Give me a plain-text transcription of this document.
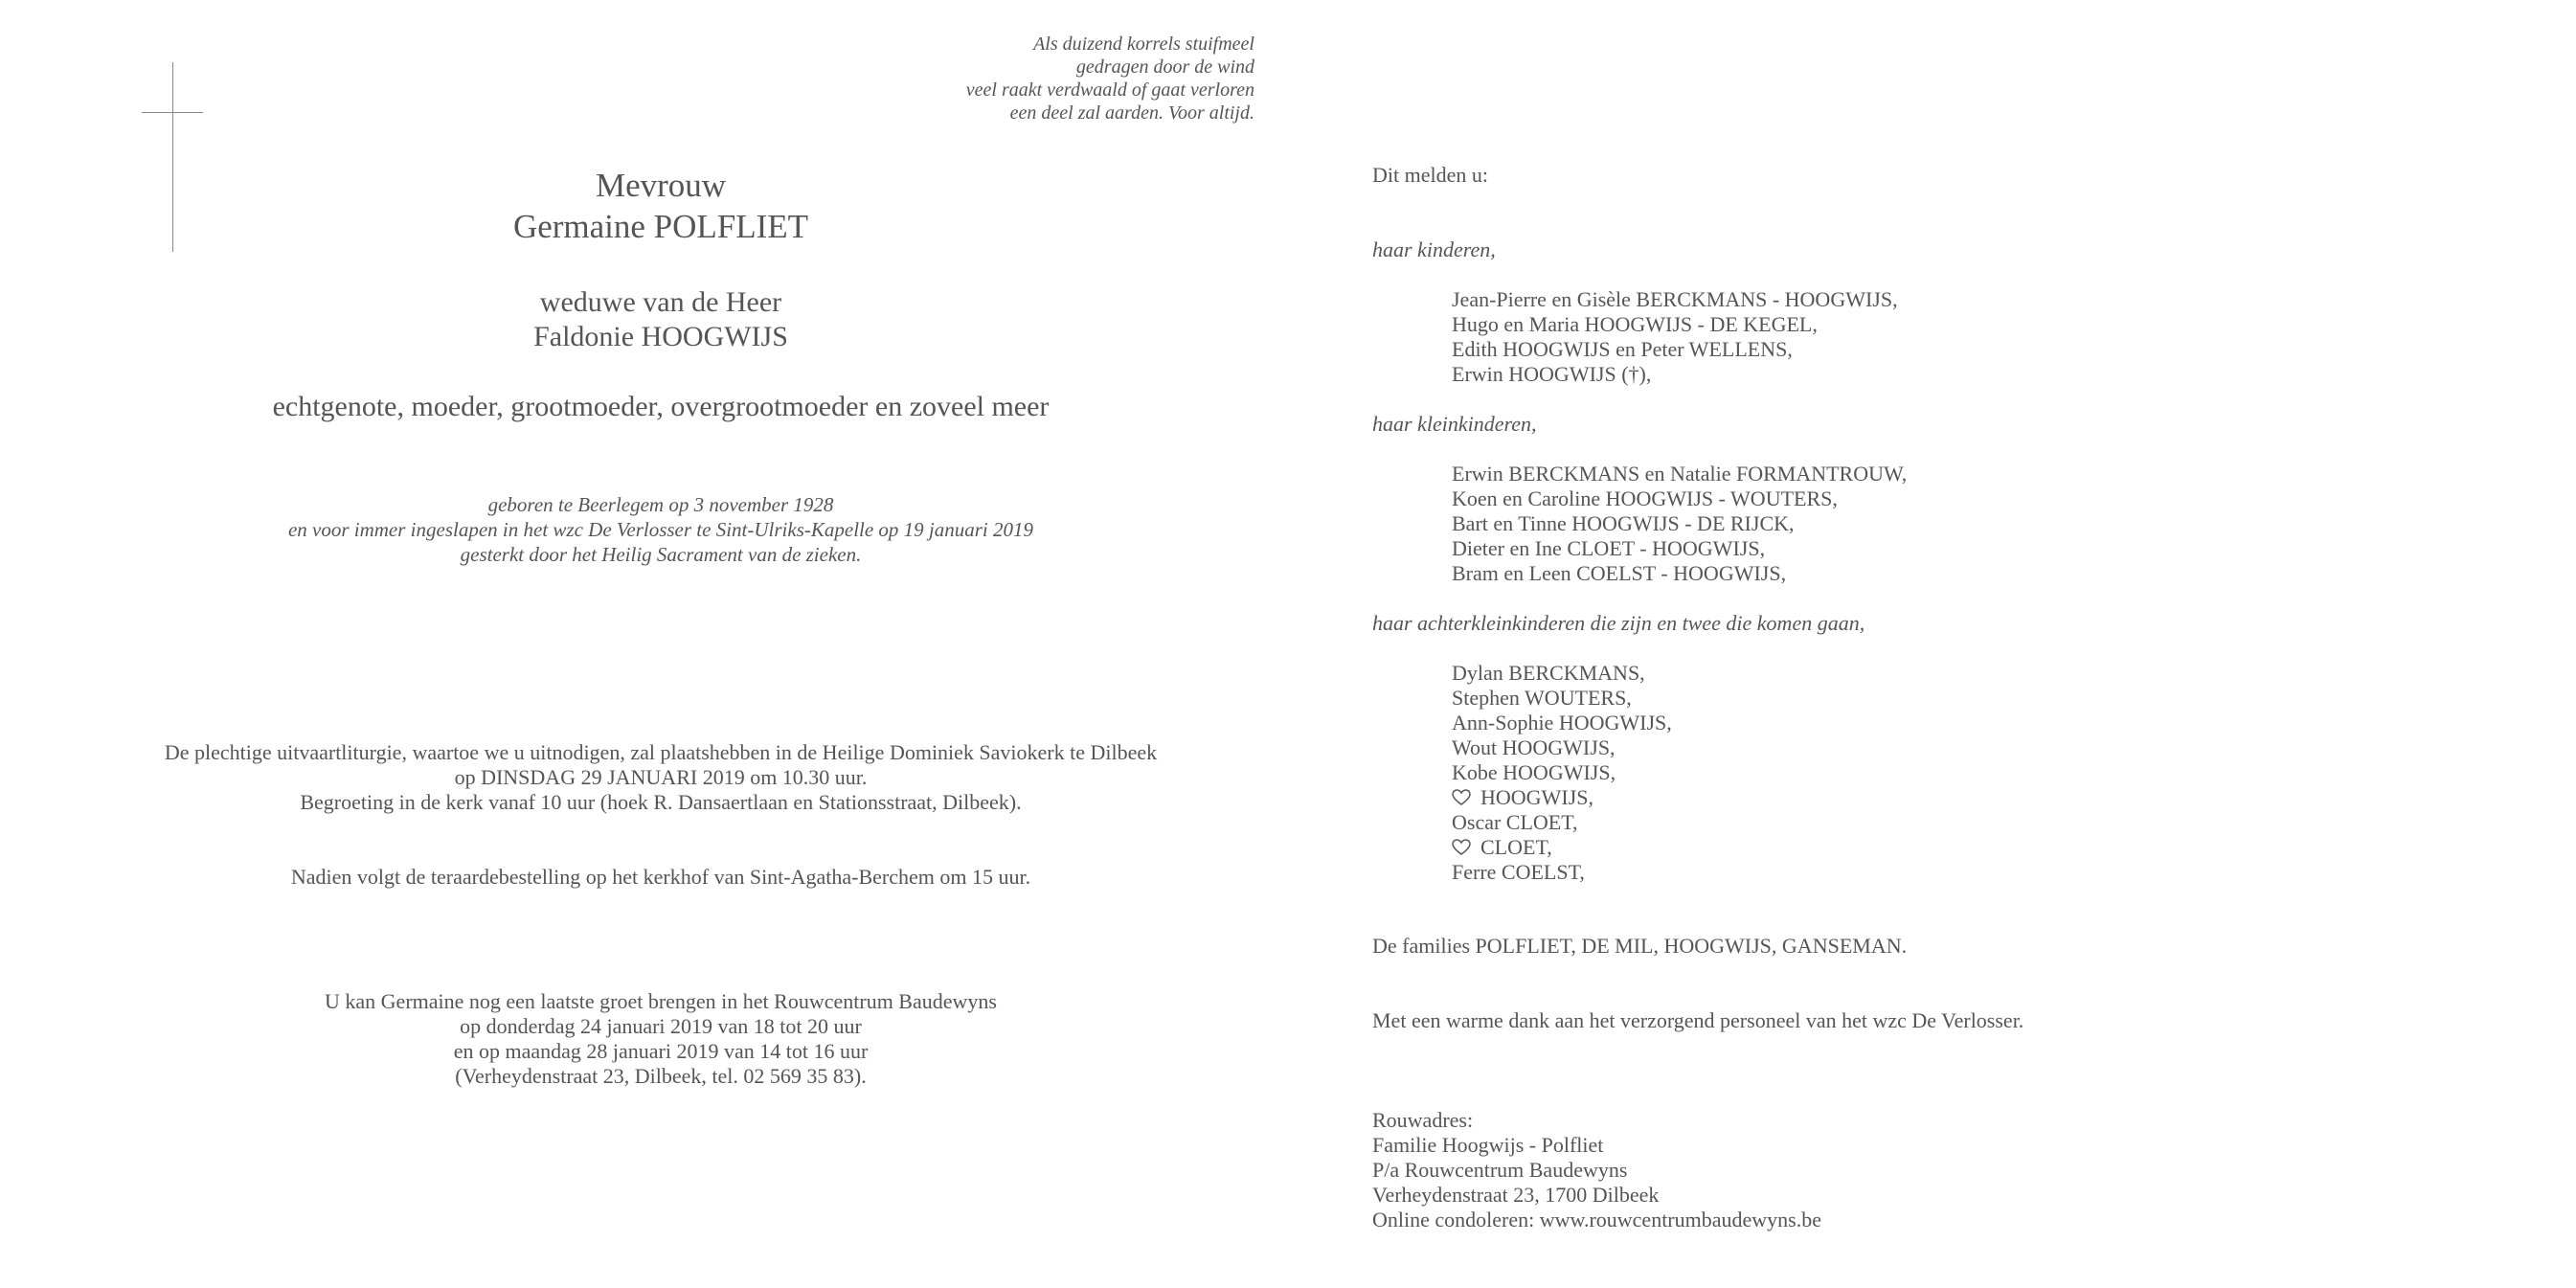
Als duizend korrels stuifmeel
gedragen door de wind
veel raakt verdwaald of gaat verloren
een deel zal aarden. Voor altijd.
Mevrouw
Germaine POLFLIET
weduwe van de Heer
Faldonie HOOGWIJS
echtgenote, moeder, grootmoeder, overgrootmoeder en zoveel meer
geboren te Beerlegem op 3 november 1928
en voor immer ingeslapen in het wzc De Verlosser te Sint-Ulriks-Kapelle op 19 januari 2019
gesterkt door het Heilig Sacrament van de zieken.
De plechtige uitvaartliturgie, waartoe we u uitnodigen, zal plaatshebben in de Heilige Dominiek Saviokerk te Dilbeek
op DINSDAG 29 JANUARI 2019 om 10.30 uur.
Begroeting in de kerk vanaf 10 uur (hoek R. Dansaertlaan en Stationsstraat, Dilbeek).
Nadien volgt de teraardebestelling op het kerkhof van Sint-Agatha-Berchem om 15 uur.
U kan Germaine nog een laatste groet brengen in het Rouwcentrum Baudewyns
op donderdag 24 januari 2019 van 18 tot 20 uur
en op maandag 28 januari 2019 van 14 tot 16 uur
(Verheydenstraat 23, Dilbeek, tel. 02 569 35 83).
Dit melden u:
haar kinderen,
Jean-Pierre en Gisèle BERCKMANS - HOOGWIJS,
Hugo en Maria HOOGWIJS - DE KEGEL,
Edith HOOGWIJS en Peter WELLENS,
Erwin HOOGWIJS (†),
haar kleinkinderen,
Erwin BERCKMANS en Natalie FORMANTROUW,
Koen en Caroline HOOGWIJS - WOUTERS,
Bart en Tinne HOOGWIJS - DE RIJCK,
Dieter en Ine CLOET - HOOGWIJS,
Bram en Leen COELST - HOOGWIJS,
haar achterkleinkinderen die zijn en twee die komen gaan,
Dylan BERCKMANS,
Stephen WOUTERS,
Ann-Sophie HOOGWIJS,
Wout HOOGWIJS,
Kobe HOOGWIJS,
HOOGWIJS,
Oscar CLOET,
CLOET,
Ferre COELST,
De families POLFLIET, DE MIL, HOOGWIJS, GANSEMAN.
Met een warme dank aan het verzorgend personeel van het wzc De Verlosser.
Rouwadres:
Familie Hoogwijs - Polfliet
P/a Rouwcentrum Baudewyns
Verheydenstraat 23, 1700 Dilbeek
Online condoleren: www.rouwcentrumbaudewyns.be
